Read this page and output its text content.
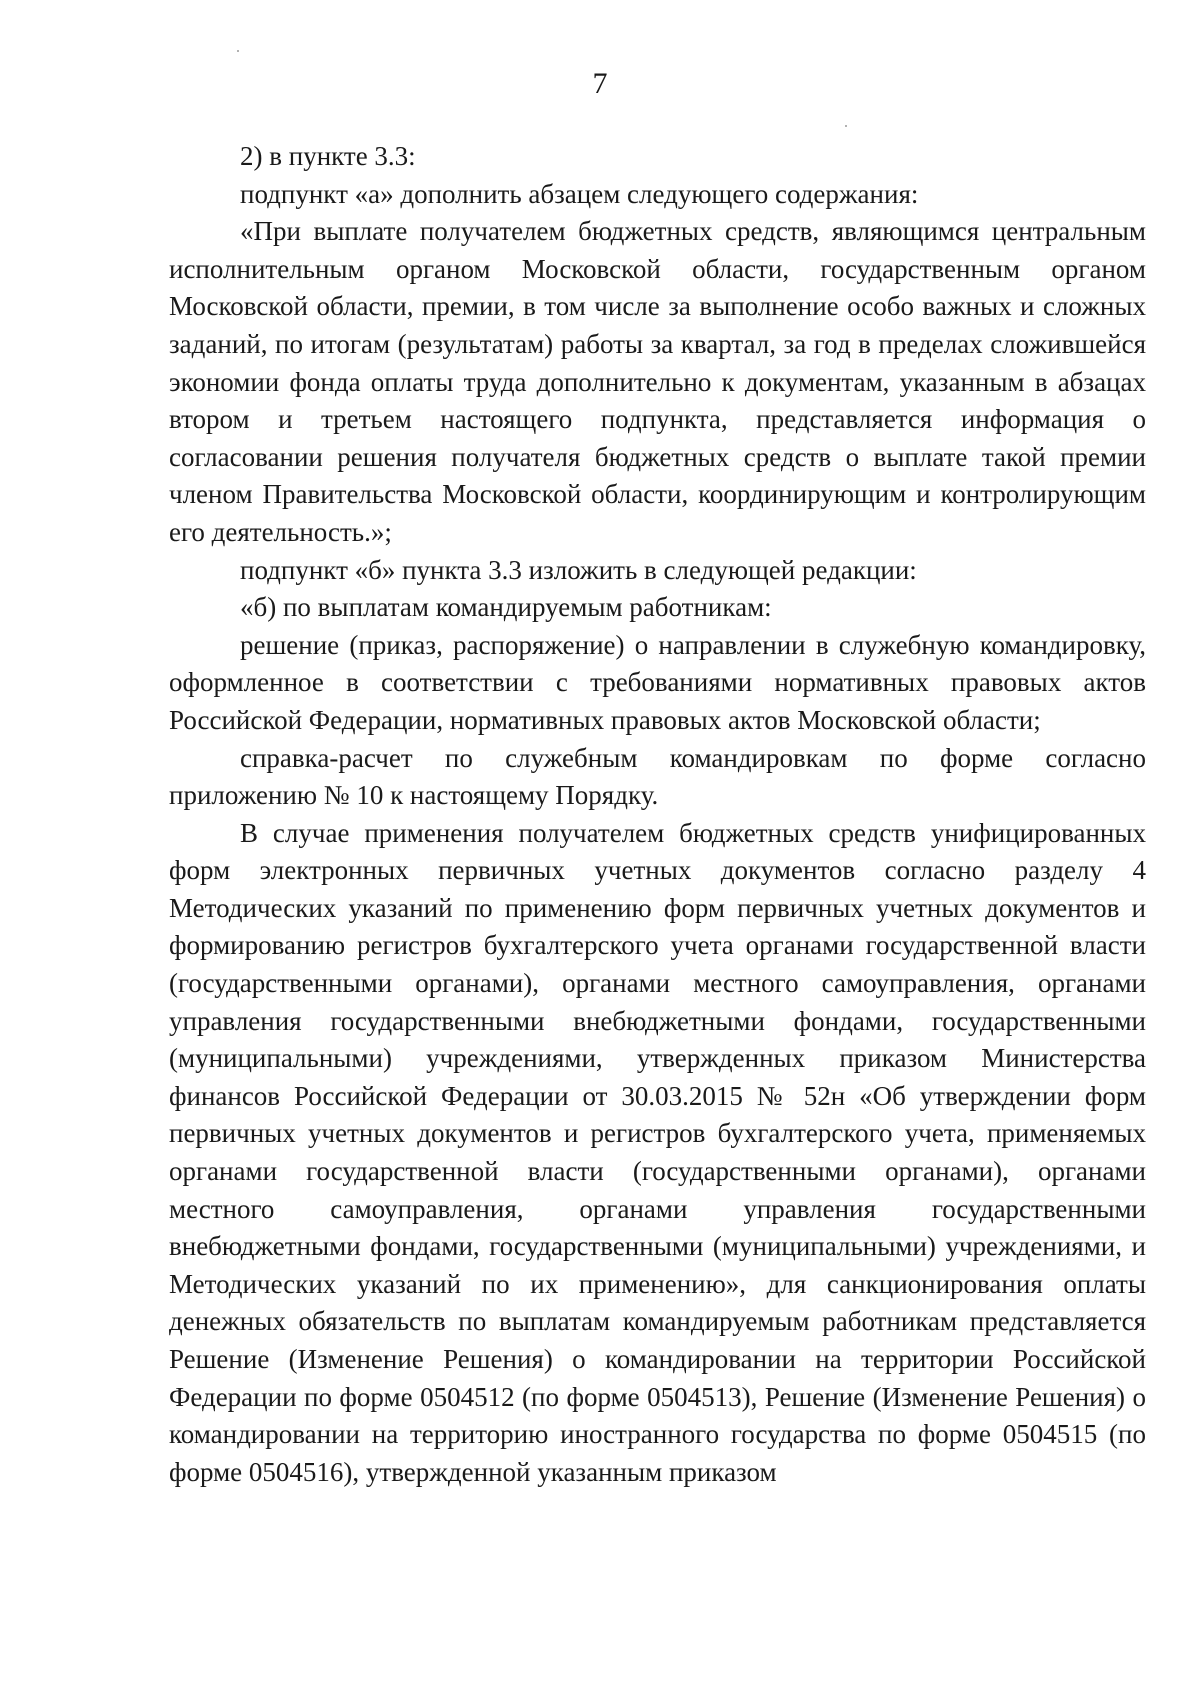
7

2) в пункте 3.3:

подпункт «а» дополнить абзацем следующего содержания:

«При выплате получателем бюджетных средств, являющимся центральным исполнительным органом Московской области, государственным органом Московской области, премии, в том числе за выполнение особо важных и сложных заданий, по итогам (результатам) работы за квартал, за год в пределах сложившейся экономии фонда оплаты труда дополнительно к документам, указанным в абзацах втором и третьем настоящего подпункта, представляется информация о согласовании решения получателя бюджетных средств о выплате такой премии членом Правительства Московской области, координирующим и контролирующим его деятельность.»;

подпункт «б» пункта 3.3 изложить в следующей редакции:

«б) по выплатам командируемым работникам:

решение (приказ, распоряжение) о направлении в служебную командировку, оформленное в соответствии с требованиями нормативных правовых актов Российской Федерации, нормативных правовых актов Московской области;

справка-расчет по служебным командировкам по форме согласно приложению № 10 к настоящему Порядку.

В случае применения получателем бюджетных средств унифицированных форм электронных первичных учетных документов согласно разделу 4 Методических указаний по применению форм первичных учетных документов и формированию регистров бухгалтерского учета органами государственной власти (государственными органами), органами местного самоуправления, органами управления государственными внебюджетными фондами, государственными (муниципальными) учреждениями, утвержденных приказом Министерства финансов Российской Федерации от 30.03.2015 № 52н «Об утверждении форм первичных учетных документов и регистров бухгалтерского учета, применяемых органами государственной власти (государственными органами), органами местного самоуправления, органами управления государственными внебюджетными фондами, государственными (муниципальными) учреждениями, и Методических указаний по их применению», для санкционирования оплаты денежных обязательств по выплатам командируемым работникам представляется Решение (Изменение Решения) о командировании на территории Российской Федерации по форме 0504512 (по форме 0504513), Решение (Изменение Решения) о командировании на территорию иностранного государства по форме 0504515 (по форме 0504516), утвержденной указанным приказом
